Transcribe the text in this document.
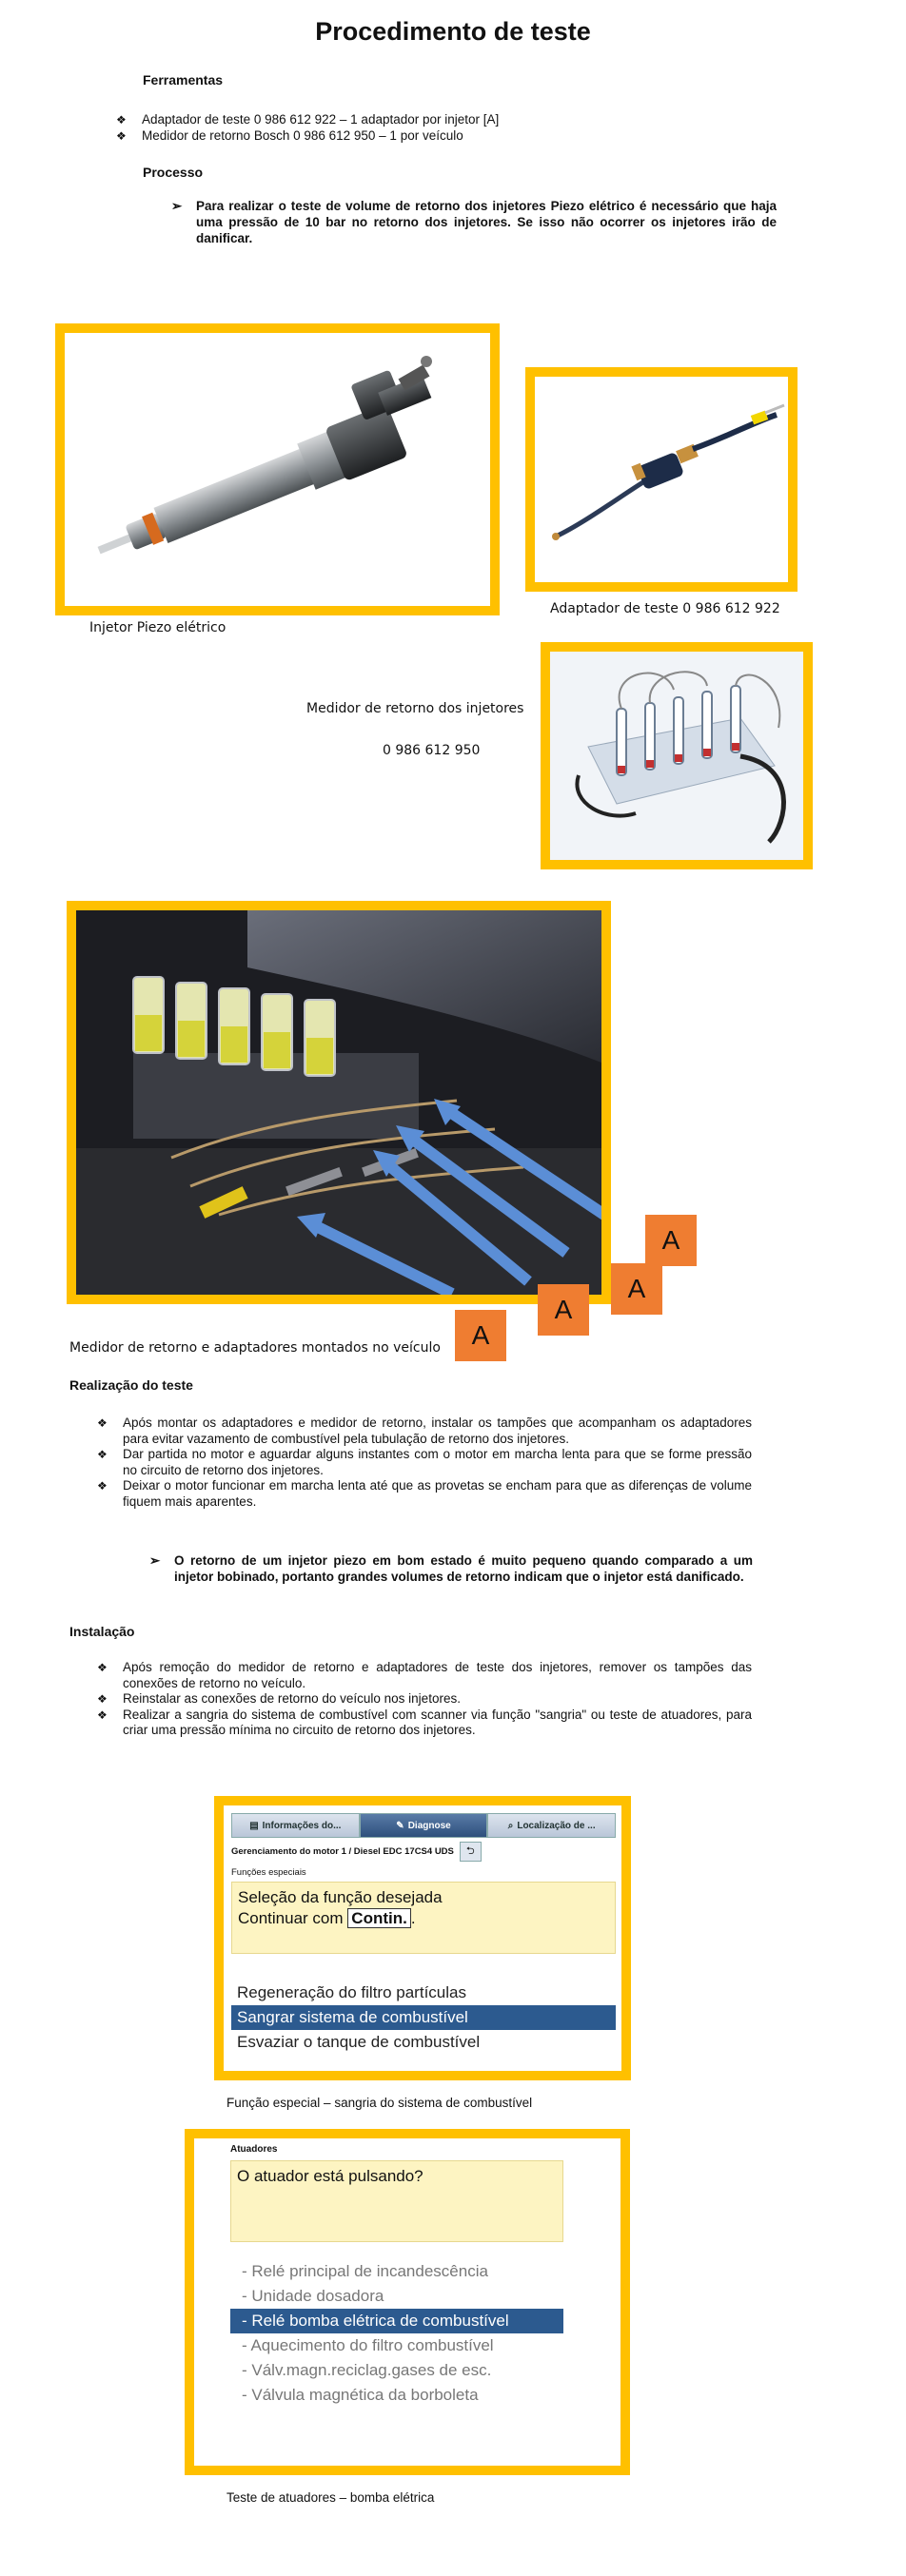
Procedimento de teste
Ferramentas
❖ Adaptador de teste 0 986 612 922 – 1 adaptador por injetor [A]
❖ Medidor de retorno Bosch 0 986 612 950 – 1 por veículo
Processo
➢ Para realizar o teste de volume de retorno dos injetores Piezo elétrico é necessário que haja uma pressão de 10 bar no retorno dos injetores. Se isso não ocorrer os injetores irão de danificar.
Injetor Piezo elétrico
Adaptador de teste 0 986 612 922
Medidor de retorno dos injetores
0 986 612 950
A
A
A
A
Medidor de retorno e adaptadores montados no veículo
Realização do teste
❖ Após montar os adaptadores e medidor de retorno, instalar os tampões que acompanham os adaptadores para evitar vazamento de combustível pela tubulação de retorno dos injetores.
❖ Dar partida no motor e aguardar alguns instantes com o motor em marcha lenta para que se forme pressão no circuito de retorno dos injetores.
❖ Deixar o motor funcionar em marcha lenta até que as provetas se encham para que as diferenças de volume fiquem mais aparentes.
➢ O retorno de um injetor piezo em bom estado é muito pequeno quando comparado a um injetor bobinado, portanto grandes volumes de retorno indicam que o injetor está danificado.
Instalação
❖ Após remoção do medidor de retorno e adaptadores de teste dos injetores, remover os tampões das conexões de retorno no veículo.
❖ Reinstalar as conexões de retorno do veículo nos injetores.
❖ Realizar a sangria do sistema de combustível com scanner via função "sangria" ou teste de atuadores, para criar uma pressão mínima no circuito de retorno dos injetores.
▤ Informações do...	✎ Diagnose	⌕ Localização de ...
Gerenciamento do motor 1 / Diesel EDC 17CS4 UDS	⮌
Funções especiais
Seleção da função desejada
Continuar com Contin. .
Regeneração do filtro partículas
Sangrar sistema de combustível
Esvaziar o tanque de combustível
Função especial – sangria do sistema de combustível
Atuadores
O atuador está pulsando?
- Relé principal de incandescência
- Unidade dosadora
- Relé bomba elétrica de combustível
- Aquecimento do filtro combustível
- Válv.magn.reciclag.gases de esc.
- Válvula magnética da borboleta
Teste de atuadores – bomba elétrica
